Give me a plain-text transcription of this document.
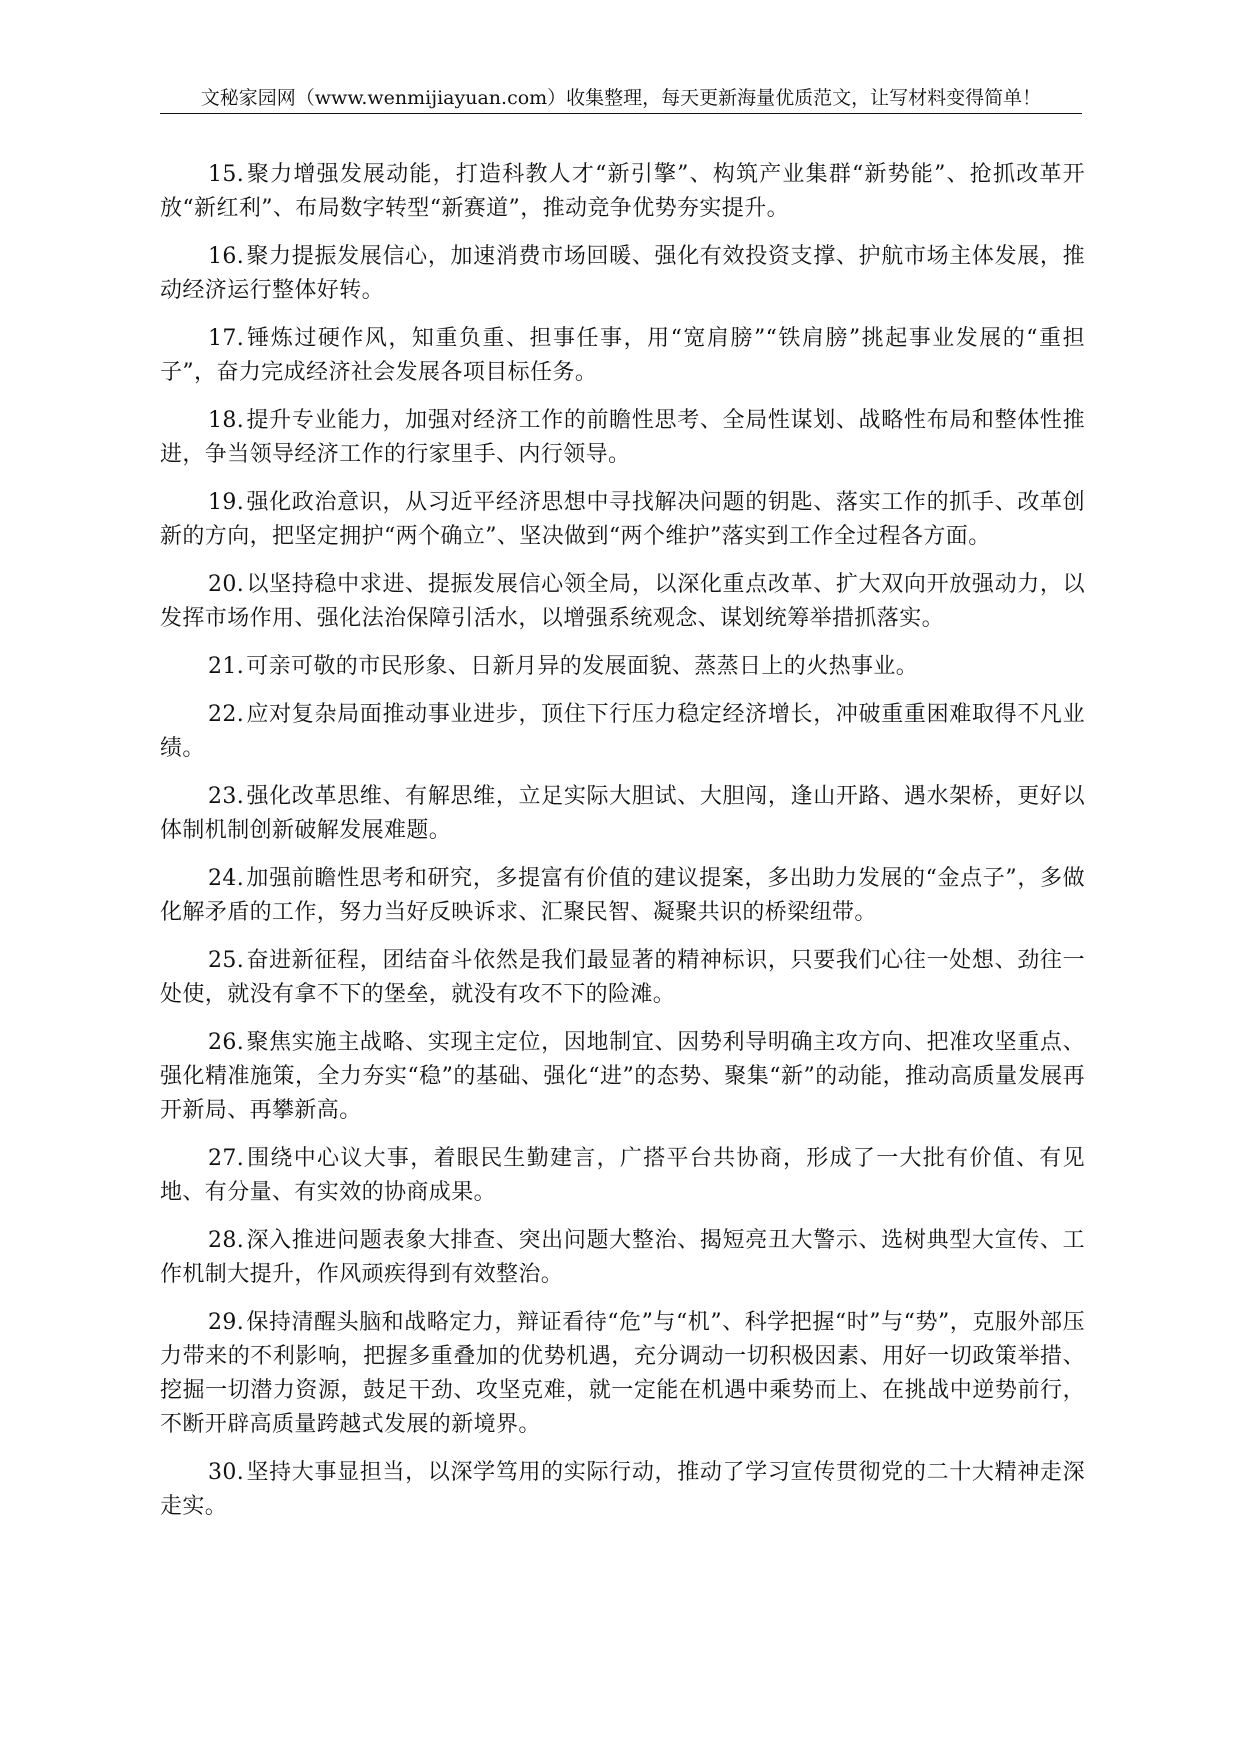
文秘家园网（www.wenmijiayuan.com）收集整理，每天更新海量优质范文，让写材料变得简单！

15.聚力增强发展动能，打造科教人才“新引擎”、构筑产业集群“新势能”、抢抓改革开放“新红利”、布局数字转型“新赛道”，推动竞争优势夯实提升。

16.聚力提振发展信心，加速消费市场回暖、强化有效投资支撑、护航市场主体发展，推动经济运行整体好转。

17.锤炼过硬作风，知重负重、担事任事，用“宽肩膀”“铁肩膀”挑起事业发展的“重担子”，奋力完成经济社会发展各项目标任务。

18.提升专业能力，加强对经济工作的前瞻性思考、全局性谋划、战略性布局和整体性推进，争当领导经济工作的行家里手、内行领导。

19.强化政治意识，从习近平经济思想中寻找解决问题的钥匙、落实工作的抓手、改革创新的方向，把坚定拥护“两个确立”、坚决做到“两个维护”落实到工作全过程各方面。

20.以坚持稳中求进、提振发展信心领全局，以深化重点改革、扩大双向开放强动力，以发挥市场作用、强化法治保障引活水，以增强系统观念、谋划统筹举措抓落实。

21.可亲可敬的市民形象、日新月异的发展面貌、蒸蒸日上的火热事业。

22.应对复杂局面推动事业进步，顶住下行压力稳定经济增长，冲破重重困难取得不凡业绩。

23.强化改革思维、有解思维，立足实际大胆试、大胆闯，逢山开路、遇水架桥，更好以体制机制创新破解发展难题。

24.加强前瞻性思考和研究，多提富有价值的建议提案，多出助力发展的“金点子”，多做化解矛盾的工作，努力当好反映诉求、汇聚民智、凝聚共识的桥梁纽带。

25.奋进新征程，团结奋斗依然是我们最显著的精神标识，只要我们心往一处想、劲往一处使，就没有拿不下的堡垒，就没有攻不下的险滩。

26.聚焦实施主战略、实现主定位，因地制宜、因势利导明确主攻方向、把准攻坚重点、强化精准施策，全力夯实“稳”的基础、强化“进”的态势、聚集“新”的动能，推动高质量发展再开新局、再攀新高。

27.围绕中心议大事，着眼民生勤建言，广搭平台共协商，形成了一大批有价值、有见地、有分量、有实效的协商成果。

28.深入推进问题表象大排查、突出问题大整治、揭短亮丑大警示、选树典型大宣传、工作机制大提升，作风顽疾得到有效整治。

29.保持清醒头脑和战略定力，辩证看待“危”与“机”、科学把握“时”与“势”，克服外部压力带来的不利影响，把握多重叠加的优势机遇，充分调动一切积极因素、用好一切政策举措、挖掘一切潜力资源，鼓足干劲、攻坚克难，就一定能在机遇中乘势而上、在挑战中逆势前行，不断开辟高质量跨越式发展的新境界。

30.坚持大事显担当，以深学笃用的实际行动，推动了学习宣传贯彻党的二十大精神走深走实。
